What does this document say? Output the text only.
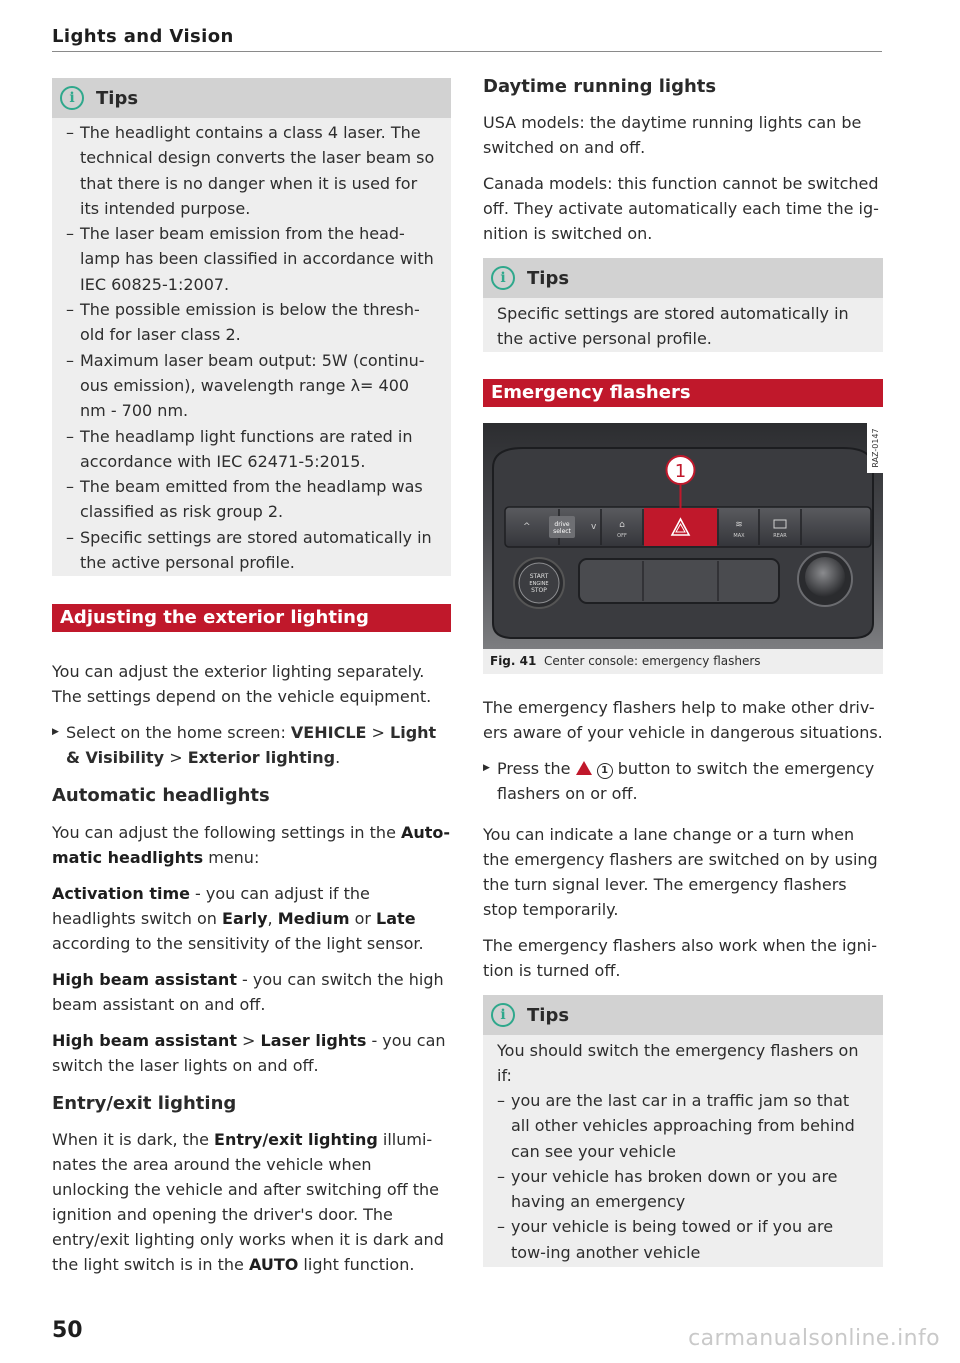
Lights and Vision
i	Tips
– The headlight contains a class 4 laser. The technical design converts the laser beam so that there is no danger when it is used for its intended purpose.
– The laser beam emission from the head-lamp has been classified in accordance with IEC 60825-1:2007.
– The possible emission is below the thresh-old for laser class 2.
– Maximum laser beam output: 5W (continu-ous emission), wavelength range λ= 400 nm - 700 nm.
– The headlamp light functions are rated in accordance with IEC 62471-5:2015.
– The beam emitted from the headlamp was classified as risk group 2.
– Specific settings are stored automatically in the active personal profile.
Adjusting the exterior lighting
You can adjust the exterior lighting separately. The settings depend on the vehicle equipment.
▶ Select on the home screen: VEHICLE > Light & Visibility > Exterior lighting.
Automatic headlights
You can adjust the following settings in the Auto-matic headlights menu:
Activation time - you can adjust if the headlights switch on Early, Medium or Late according to the sensitivity of the light sensor.
High beam assistant - you can switch the high beam assistant on and off.
High beam assistant > Laser lights - you can switch the laser lights on and off.
Entry/exit lighting
When it is dark, the Entry/exit lighting illumi-nates the area around the vehicle when unlocking the vehicle and after switching off the ignition and opening the driver's door. The entry/exit lighting only works when it is dark and the light switch is in the AUTO light function.
50
Daytime running lights
USA models: the daytime running lights can be switched on and off.
Canada models: this function cannot be switched off. They activate automatically each time the ig-nition is switched on.
i	Tips
Specific settings are stored automatically in the active personal profile.
Emergency flashers
^	drive
select v	⌂
OFF
≋
MAX	REAR
1
START
ENGINE
STOP
RAZ-0147
Fig. 41 Center console: emergency flashers
The emergency flashers help to make other driv-ers aware of your vehicle in dangerous situations.
▶ Press the	1 button to switch the emergency flashers on or off.
You can indicate a lane change or a turn when the emergency flashers are switched on by using the turn signal lever. The emergency flashers stop temporarily.
The emergency flashers also work when the igni-tion is turned off.
i	Tips
You should switch the emergency flashers on if:
– you are the last car in a traffic jam so that all other vehicles approaching from behind can see your vehicle
– your vehicle has broken down or you are having an emergency
– your vehicle is being towed or if you are tow-ing another vehicle
carmanualsonline.info
